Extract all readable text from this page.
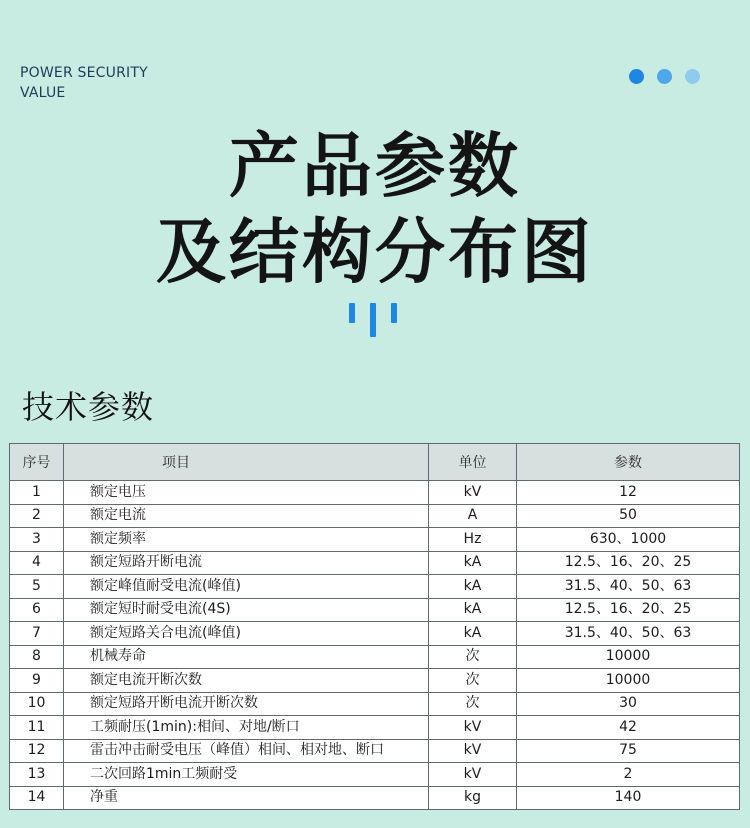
POWER SECURITY
VALUE
产品参数
及结构分布图
技术参数
序号	项目	单位	参数
1	额定电压	kV	12
2	额定电流	A	50
3	额定频率	Hz	630、1000
4	额定短路开断电流	kA	12.5、16、20、25
5	额定峰值耐受电流(峰值)	kA	31.5、40、50、63
6	额定短时耐受电流(4S)	kA	12.5、16、20、25
7	额定短路关合电流(峰值)	kA	31.5、40、50、63
8	机械寿命	次	10000
9	额定电流开断次数	次	10000
10	额定短路开断电流开断次数	次	30
11	工频耐压(1min):相间、对地/断口	kV	42
12	雷击冲击耐受电压（峰值）相间、相对地、断口	kV	75
13	二次回路1min工频耐受	kV	2
14	净重	kg	140
